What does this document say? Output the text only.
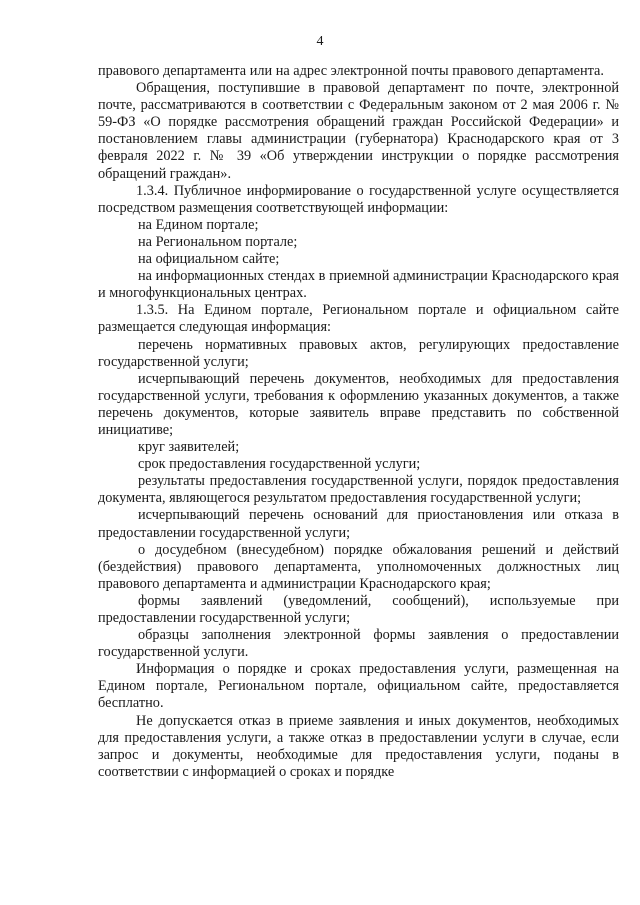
4

правового департамента или на адрес электронной почты правового департамента.

Обращения, поступившие в правовой департамент по почте, электронной почте, рассматриваются в соответствии с Федеральным законом от 2 мая 2006 г. № 59-ФЗ «О порядке рассмотрения обращений граждан Российской Федерации» и постановлением главы администрации (губернатора) Краснодарского края от 3 февраля 2022 г. № 39 «Об утверждении инструкции о порядке рассмотрения обращений граждан».

1.3.4. Публичное информирование о государственной услуге осуществляется посредством размещения соответствующей информации:

на Едином портале;

на Региональном портале;

на официальном сайте;

на информационных стендах в приемной администрации Краснодарского края и многофункциональных центрах.

1.3.5. На Едином портале, Региональном портале и официальном сайте размещается следующая информация:

перечень нормативных правовых актов, регулирующих предоставление государственной услуги;

исчерпывающий перечень документов, необходимых для предоставления государственной услуги, требования к оформлению указанных документов, а также перечень документов, которые заявитель вправе представить по собственной инициативе;

круг заявителей;

срок предоставления государственной услуги;

результаты предоставления государственной услуги, порядок предоставления документа, являющегося результатом предоставления государственной услуги;

исчерпывающий перечень оснований для приостановления или отказа в предоставлении государственной услуги;

о досудебном (внесудебном) порядке обжалования решений и действий (бездействия) правового департамента, уполномоченных должностных лиц правового департамента и администрации Краснодарского края;

формы заявлений (уведомлений, сообщений), используемые при предоставлении государственной услуги;

образцы заполнения электронной формы заявления о предоставлении государственной услуги.

Информация о порядке и сроках предоставления услуги, размещенная на Едином портале, Региональном портале, официальном сайте, предоставляется бесплатно.

Не допускается отказ в приеме заявления и иных документов, необходимых для предоставления услуги, а также отказ в предоставлении услуги в случае, если запрос и документы, необходимые для предоставления услуги, поданы в соответствии с информацией о сроках и порядке
